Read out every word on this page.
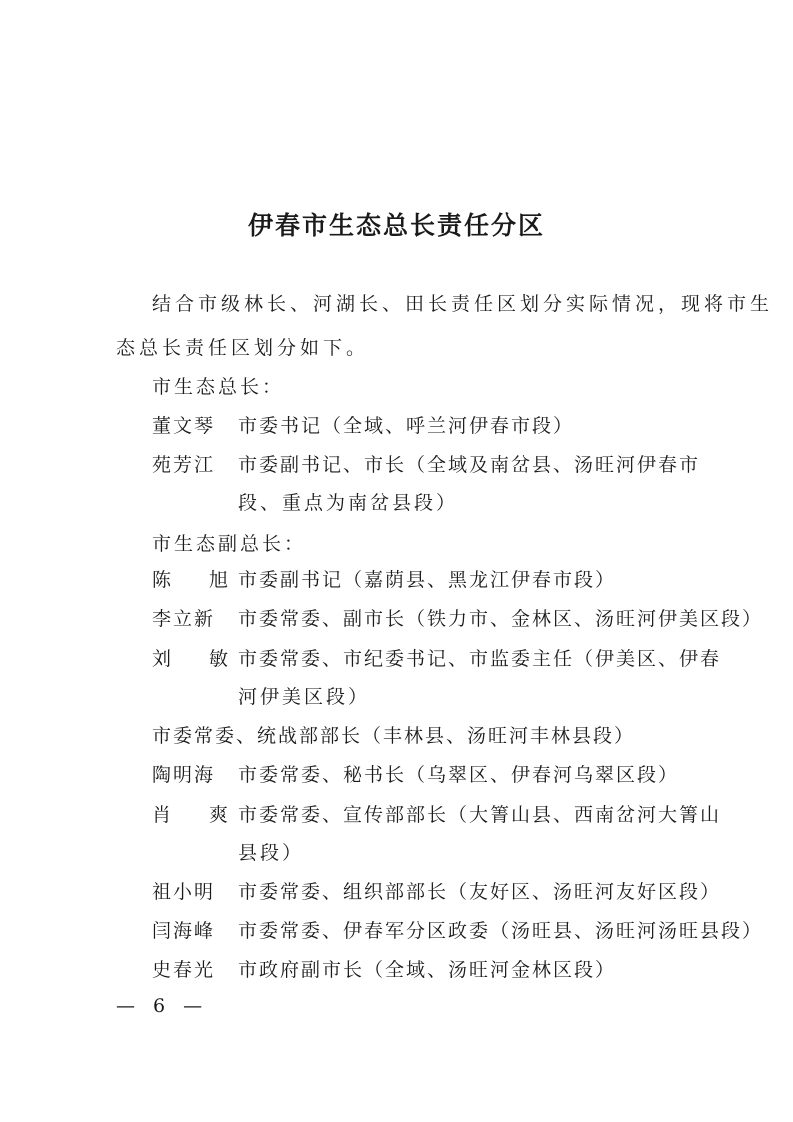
伊春市生态总长责任分区
结合市级林长、河湖长、田长责任区划分实际情况，现将市生
态总长责任区划分如下。
市生态总长：
董文琴	市委书记（全域、呼兰河伊春市段）
苑芳江	市委副书记、市长（全域及南岔县、汤旺河伊春市
段、重点为南岔县段）
市生态副总长：
陈 旭 市委副书记（嘉荫县、黑龙江伊春市段）
李立新	市委常委、副市长（铁力市、金林区、汤旺河伊美区段）
刘 敏 市委常委、市纪委书记、市监委主任（伊美区、伊春
河伊美区段）
市委常委、统战部部长（丰林县、汤旺河丰林县段）
陶明海	市委常委、秘书长（乌翠区、伊春河乌翠区段）
肖 爽 市委常委、宣传部部长（大箐山县、西南岔河大箐山
县段）
祖小明	市委常委、组织部部长（友好区、汤旺河友好区段）
闫海峰	市委常委、伊春军分区政委（汤旺县、汤旺河汤旺县段）
史春光	市政府副市长（全域、汤旺河金林区段）
— 6 —
